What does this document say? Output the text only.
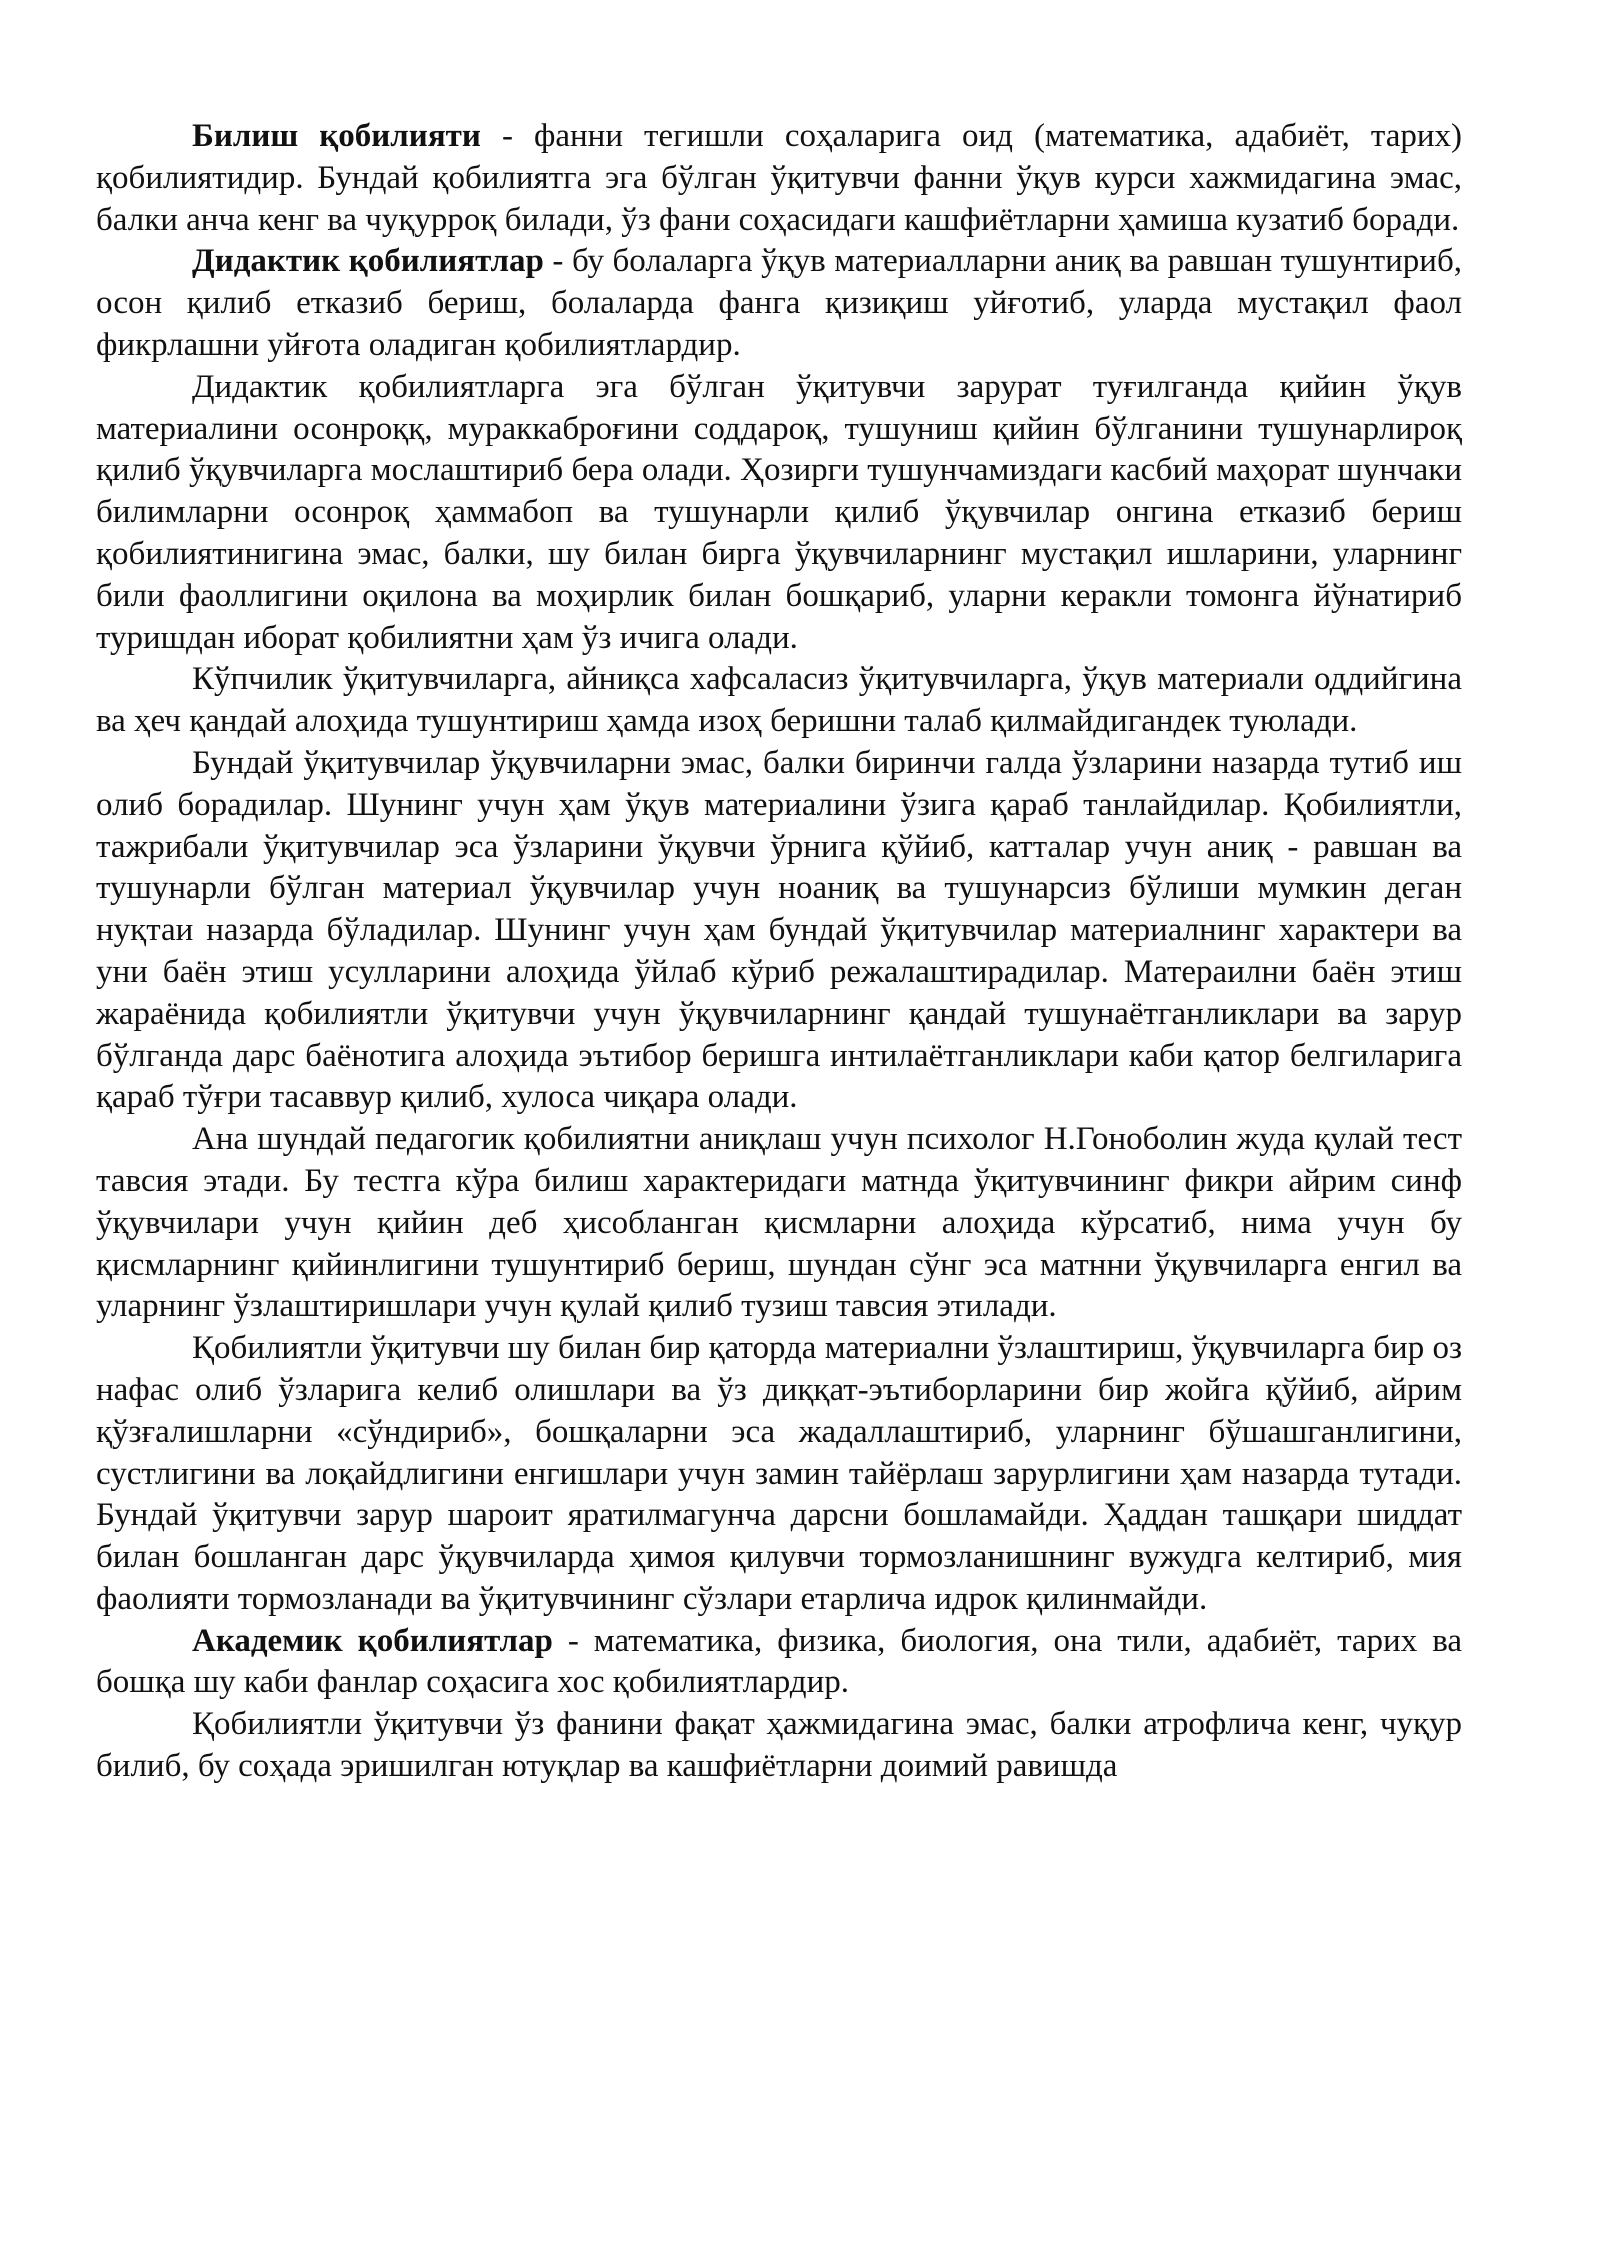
Билиш қобилияти - фанни тегишли соҳаларига оид (математика, адабиёт, тарих) қобилиятидир. Бундай қобилиятга эга бўлган ўқитувчи фанни ўқув курси хажмидагина эмас, балки анча кенг ва чуқурроқ билади, ўз фани соҳасидаги кашфиётларни ҳамиша кузатиб боради.

Дидактик қобилиятлар - бу болаларга ўқув материалларни аниқ ва равшан тушунтириб, осон қилиб етказиб бериш, болаларда фанга қизиқиш уйғотиб, уларда мустақил фаол фикрлашни уйғота оладиган қобилиятлардир.

Дидактик қобилиятларга эга бўлган ўқитувчи зарурат туғилганда қийин ўқув материалини осонроққ, мураккаброғини соддароқ, тушуниш қийин бўлганини тушунарлироқ қилиб ўқувчиларга мослаштириб бера олади. Ҳозирги тушунчамиздаги касбий маҳорат шунчаки билимларни осонроқ ҳаммабоп ва тушунарли қилиб ўқувчилар онгина етказиб бериш қобилиятинигина эмас, балки, шу билан бирга ўқувчиларнинг мустақил ишларини, уларнинг били фаоллигини оқилона ва моҳирлик билан бошқариб, уларни керакли томонга йўнатириб туришдан иборат қобилиятни ҳам ўз ичига олади.

Кўпчилик ўқитувчиларга, айниқса хафсаласиз ўқитувчиларга, ўқув материали оддийгина ва ҳеч қандай алоҳида тушунтириш ҳамда изоҳ беришни талаб қилмайдигандек туюлади.

Бундай ўқитувчилар ўқувчиларни эмас, балки биринчи галда ўзларини назарда тутиб иш олиб борадилар. Шунинг учун ҳам ўқув материалини ўзига қараб танлайдилар. Қобилиятли, тажрибали ўқитувчилар эса ўзларини ўқувчи ўрнига қўйиб, катталар учун аниқ - равшан ва тушунарли бўлган материал ўқувчилар учун ноаниқ ва тушунарсиз бўлиши мумкин деган нуқтаи назарда бўладилар. Шунинг учун ҳам бундай ўқитувчилар материалнинг характери ва уни баён этиш усулларини алоҳида ўйлаб кўриб режалаштирадилар. Матераилни баён этиш жараёнида қобилиятли ўқитувчи учун ўқувчиларнинг қандай тушунаётганликлари ва зарур бўлганда дарс баёнотига алоҳида эътибор беришга интилаётганликлари каби қатор белгиларига қараб тўғри тасаввур қилиб, хулоса чиқара олади.

Ана шундай педагогик қобилиятни аниқлаш учун психолог Н.Гоноболин жуда қулай тест тавсия этади. Бу тестга кўра билиш характеридаги матнда ўқитувчининг фикри айрим синф ўқувчилари учун қийин деб ҳисобланган қисмларни алоҳида кўрсатиб, нима учун бу қисмларнинг қийинлигини тушунтириб бериш, шундан сўнг эса матнни ўқувчиларга енгил ва уларнинг ўзлаштиришлари учун қулай қилиб тузиш тавсия этилади.

Қобилиятли ўқитувчи шу билан бир қаторда материални ўзлаштириш, ўқувчиларга бир оз нафас олиб ўзларига келиб олишлари ва ўз диққат-эътиборларини бир жойга қўйиб, айрим қўзғалишларни «сўндириб», бошқаларни эса жадаллаштириб, уларнинг бўшашганлигини, сустлигини ва лоқайдлигини енгишлари учун замин тайёрлаш зарурлигини ҳам назарда тутади. Бундай ўқитувчи зарур шароит яратилмагунча дарсни бошламайди. Ҳаддан ташқари шиддат билан бошланган дарс ўқувчиларда ҳимоя қилувчи тормозланишнинг вужудга келтириб, мия фаолияти тормозланади ва ўқитувчининг сўзлари етарлича идрок қилинмайди.

Академик қобилиятлар - математика, физика, биология, она тили, адабиёт, тарих ва бошқа шу каби фанлар соҳасига хос қобилиятлардир.

Қобилиятли ўқитувчи ўз фанини фақат ҳажмидагина эмас, балки атрофлича кенг, чуқур билиб, бу соҳада эришилган ютуқлар ва кашфиётларни доимий равишда
